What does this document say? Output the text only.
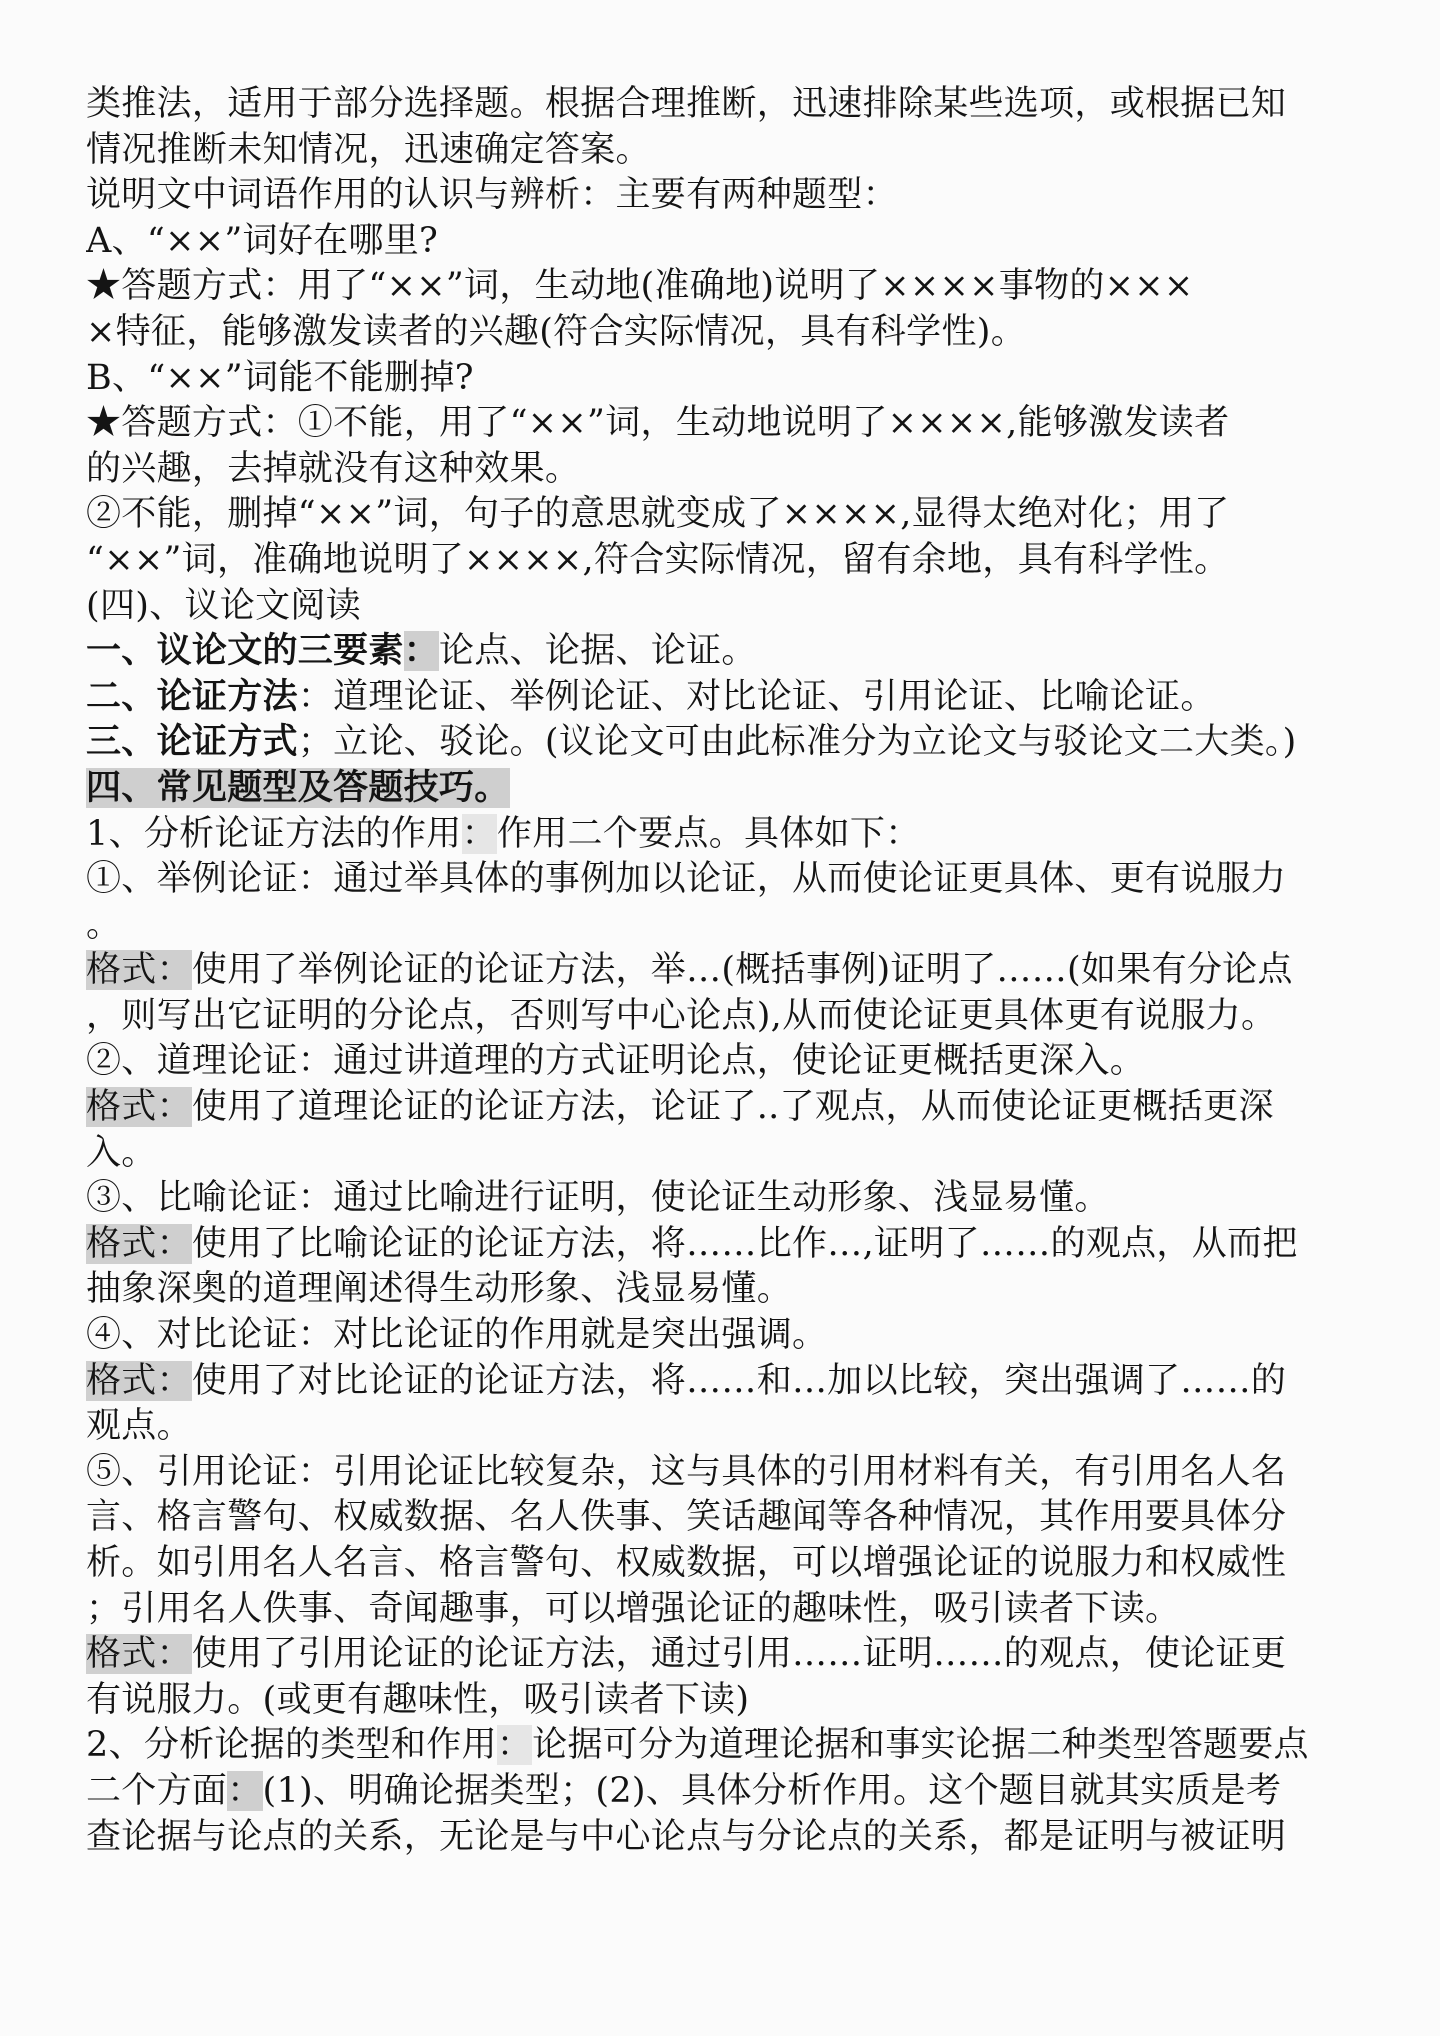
类推法，适用于部分选择题。根据合理推断，迅速排除某些选项，或根据已知
情况推断未知情况，迅速确定答案。
说明文中词语作用的认识与辨析：主要有两种题型：
A、“××”词好在哪里?
★答题方式：用了“××”词，生动地(准确地)说明了××××事物的×××
×特征，能够激发读者的兴趣(符合实际情况，具有科学性)。
B、“××”词能不能删掉?
★答题方式：①不能，用了“××”词，生动地说明了××××,能够激发读者
的兴趣，去掉就没有这种效果。
②不能，删掉“××”词，句子的意思就变成了××××,显得太绝对化；用了
“××”词，准确地说明了××××,符合实际情况，留有余地，具有科学性。
(四)、议论文阅读
一、议论文的三要素：论点、论据、论证。
二、论证方法：道理论证、举例论证、对比论证、引用论证、比喻论证。
三、论证方式；立论、驳论。(议论文可由此标准分为立论文与驳论文二大类。)
四、常见题型及答题技巧。
1、分析论证方法的作用：作用二个要点。具体如下：
①、举例论证：通过举具体的事例加以论证，从而使论证更具体、更有说服力
。
格式：使用了举例论证的论证方法，举…(概括事例)证明了……(如果有分论点
，则写出它证明的分论点，否则写中心论点),从而使论证更具体更有说服力。
②、道理论证：通过讲道理的方式证明论点，使论证更概括更深入。
格式：使用了道理论证的论证方法，论证了..了观点，从而使论证更概括更深
入。
③、比喻论证：通过比喻进行证明，使论证生动形象、浅显易懂。
格式：使用了比喻论证的论证方法，将……比作…,证明了……的观点，从而把
抽象深奥的道理阐述得生动形象、浅显易懂。
④、对比论证：对比论证的作用就是突出强调。
格式：使用了对比论证的论证方法，将……和…加以比较，突出强调了……的
观点。
⑤、引用论证：引用论证比较复杂，这与具体的引用材料有关，有引用名人名
言、格言警句、权威数据、名人佚事、笑话趣闻等各种情况，其作用要具体分
析。如引用名人名言、格言警句、权威数据，可以增强论证的说服力和权威性
；引用名人佚事、奇闻趣事，可以增强论证的趣味性，吸引读者下读。
格式：使用了引用论证的论证方法，通过引用……证明……的观点，使论证更
有说服力。(或更有趣味性，吸引读者下读)
2、分析论据的类型和作用：论据可分为道理论据和事实论据二种类型答题要点
二个方面：(1)、明确论据类型；(2)、具体分析作用。这个题目就其实质是考
查论据与论点的关系，无论是与中心论点与分论点的关系，都是证明与被证明
